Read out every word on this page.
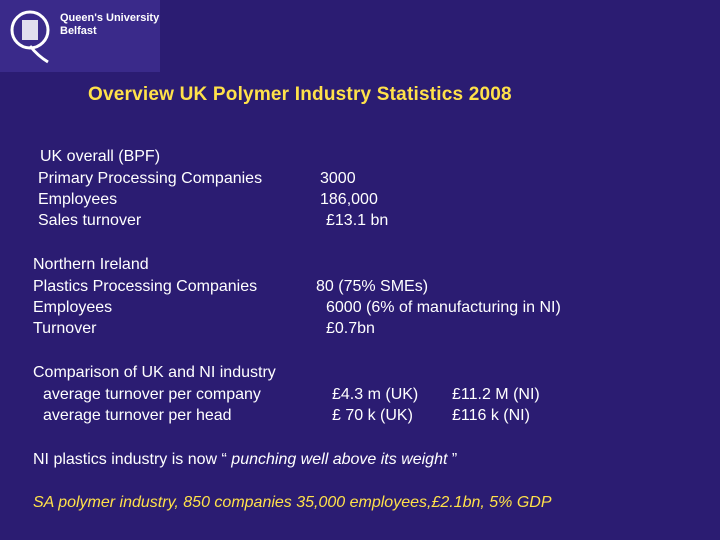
Queen's University
Belfast
Overview UK Polymer Industry Statistics 2008
UK overall (BPF)
Primary Processing Companies
Employees
Sales turnover
3000
186,000
£13.1 bn
Northern Ireland
Plastics Processing Companies
Employees
Turnover
80 (75% SMEs)
6000 (6% of manufacturing in NI)
£0.7bn
Comparison of UK and NI industry
average turnover per company
average turnover per head
£4.3 m (UK)
£ 70 k (UK)
£11.2 M (NI)
£116 k (NI)
NI plastics industry is now “ punching well above its weight ”
SA polymer industry, 850 companies 35,000 employees,£2.1bn, 5% GDP
